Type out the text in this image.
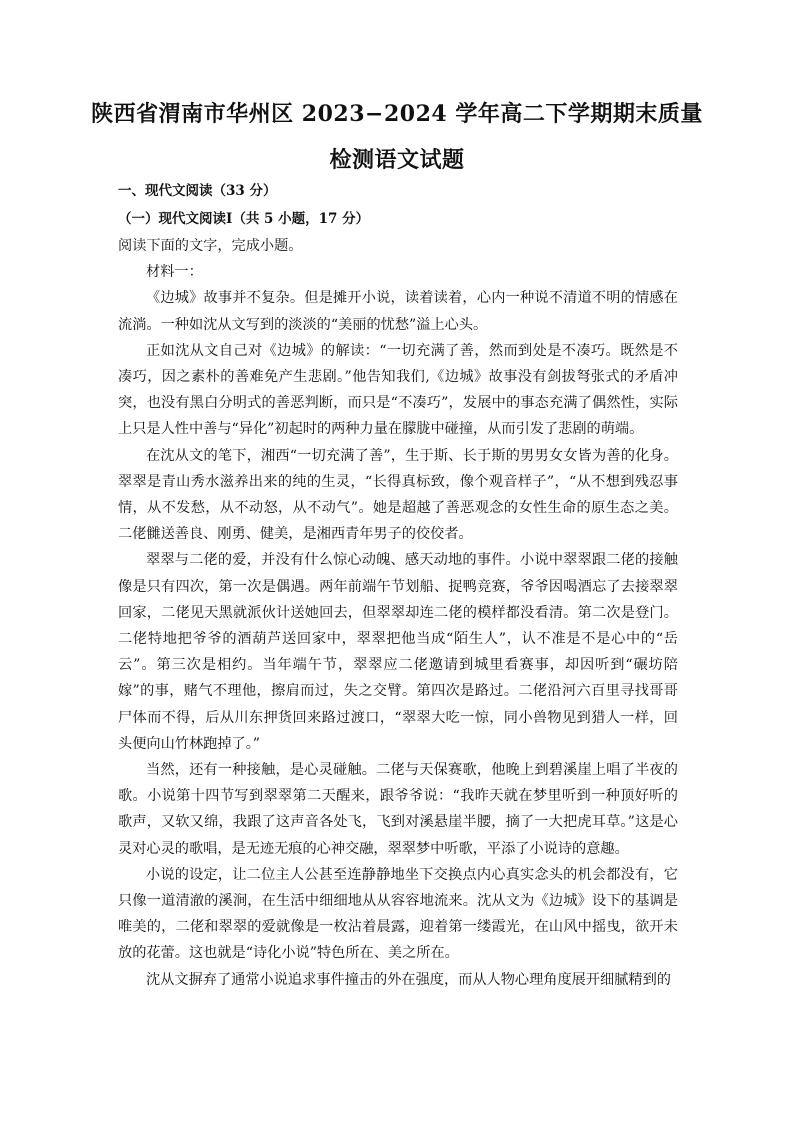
陕西省渭南市华州区 2023−2024 学年高二下学期期末质量
检测语文试题
一、现代文阅读（33 分）
（一）现代文阅读Ⅰ（共 5 小题，17 分）

阅读下面的文字，完成小题。

材料一：

《边城》故事并不复杂。但是摊开小说，读着读着，心内一种说不清道不明的情感在流淌。一种如沈从文写到的淡淡的“美丽的忧愁”溢上心头。

正如沈从文自己对《边城》的解读：“一切充满了善，然而到处是不凑巧。既然是不凑巧，因之素朴的善难免产生悲剧。”他告知我们,《边城》故事没有剑拔弩张式的矛盾冲突，也没有黑白分明式的善恶判断，而只是“不凑巧”，发展中的事态充满了偶然性，实际上只是人性中善与“异化”初起时的两种力量在朦胧中碰撞，从而引发了悲剧的萌端。

在沈从文的笔下，湘西“一切充满了善”，生于斯、长于斯的男男女女皆为善的化身。翠翠是青山秀水滋养出来的纯的生灵，“长得真标致，像个观音样子”，“从不想到残忍事情，从不发愁，从不动怒，从不动气”。她是超越了善恶观念的女性生命的原生态之美。二佬雠送善良、刚勇、健美，是湘西青年男子的佼佼者。

翠翠与二佬的爱，并没有什么惊心动魄、感天动地的事件。小说中翠翠跟二佬的接触像是只有四次，第一次是偶遇。两年前端午节划船、捉鸭竞赛，爷爷因喝酒忘了去接翠翠回家，二佬见天黑就派伙计送她回去，但翠翠却连二佬的模样都没看清。第二次是登门。二佬特地把爷爷的酒葫芦送回家中，翠翠把他当成“陌生人”，认不准是不是心中的“岳云”。第三次是相约。当年端午节，翠翠应二佬邀请到城里看赛事，却因听到“碾坊陪嫁”的事，赌气不理他，擦肩而过，失之交臂。第四次是路过。二佬沿河六百里寻找哥哥尸体而不得，后从川东押货回来路过渡口，“翠翠大吃一惊，同小兽物见到猎人一样，回头便向山竹林跑掉了。”

当然，还有一种接触，是心灵碰触。二佬与天保赛歌，他晚上到碧溪崖上唱了半夜的歌。小说第十四节写到翠翠第二天醒来，跟爷爷说：“我昨天就在梦里听到一种顶好听的歌声，又软又绵，我跟了这声音各处飞，飞到对溪悬崖半腰，摘了一大把虎耳草。”这是心灵对心灵的歌唱，是无迹无痕的心神交融，翠翠梦中听歌，平添了小说诗的意趣。

小说的设定，让二位主人公甚至连静静地坐下交换点内心真实念头的机会都没有，它只像一道清澈的溪涧，在生活中细细地从从容容地流来。沈从文为《边城》设下的基调是唯美的，二佬和翠翠的爱就像是一枚沾着晨露，迎着第一缕霞光，在山风中摇曳，欲开未放的花蕾。这也就是“诗化小说”特色所在、美之所在。

沈从文摒弃了通常小说追求事件撞击的外在强度，而从人物心理角度展开细腻精到的
